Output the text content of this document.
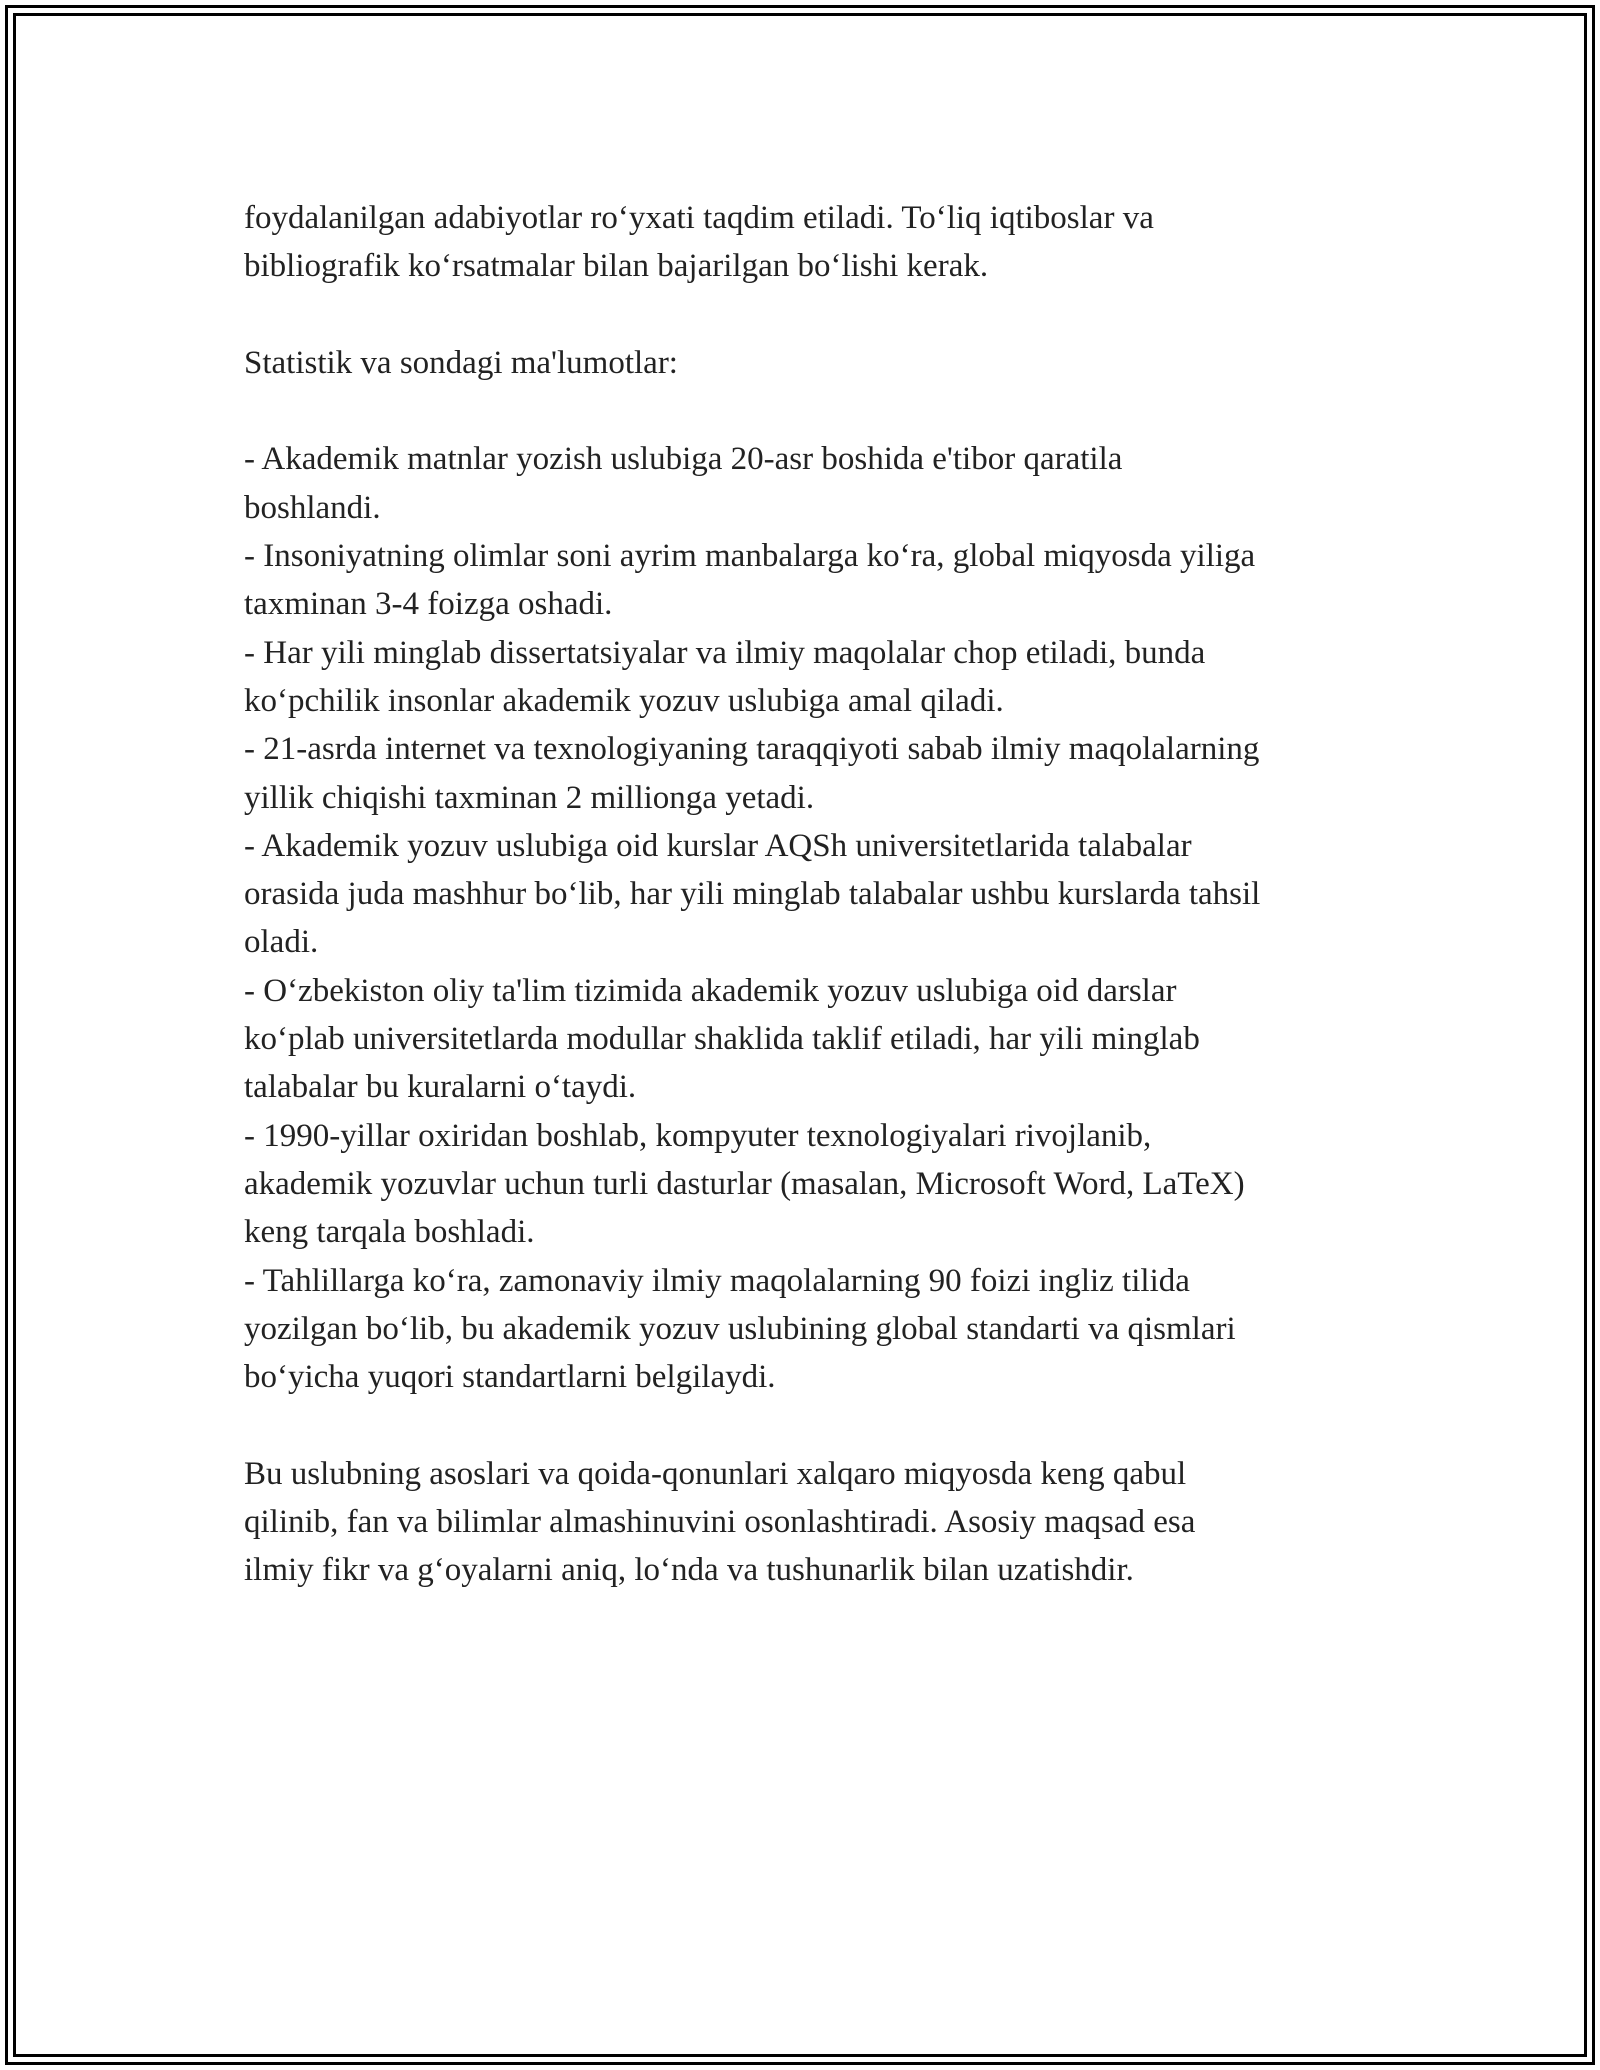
foydalanilgan adabiyotlar ro‘yxati taqdim etiladi. To‘liq iqtiboslar va

bibliografik ko‘rsatmalar bilan bajarilgan bo‘lishi kerak.

Statistik va sondagi ma'lumotlar:

- Akademik matnlar yozish uslubiga 20-asr boshida e'tibor qaratila

boshlandi.

- Insoniyatning olimlar soni ayrim manbalarga ko‘ra, global miqyosda yiliga

taxminan 3-4 foizga oshadi.

- Har yili minglab dissertatsiyalar va ilmiy maqolalar chop etiladi, bunda

ko‘pchilik insonlar akademik yozuv uslubiga amal qiladi.

- 21-asrda internet va texnologiyaning taraqqiyoti sabab ilmiy maqolalarning

yillik chiqishi taxminan 2 millionga yetadi.

- Akademik yozuv uslubiga oid kurslar AQSh universitetlarida talabalar

orasida juda mashhur bo‘lib, har yili minglab talabalar ushbu kurslarda tahsil

oladi.

- O‘zbekiston oliy ta'lim tizimida akademik yozuv uslubiga oid darslar

ko‘plab universitetlarda modullar shaklida taklif etiladi, har yili minglab

talabalar bu kuralarni o‘taydi.

- 1990-yillar oxiridan boshlab, kompyuter texnologiyalari rivojlanib,

akademik yozuvlar uchun turli dasturlar (masalan, Microsoft Word, LaTeX)

keng tarqala boshladi.

- Tahlillarga ko‘ra, zamonaviy ilmiy maqolalarning 90 foizi ingliz tilida

yozilgan bo‘lib, bu akademik yozuv uslubining global standarti va qismlari

bo‘yicha yuqori standartlarni belgilaydi.

Bu uslubning asoslari va qoida-qonunlari xalqaro miqyosda keng qabul

qilinib, fan va bilimlar almashinuvini osonlashtiradi. Asosiy maqsad esa

ilmiy fikr va g‘oyalarni aniq, lo‘nda va tushunarlik bilan uzatishdir.
